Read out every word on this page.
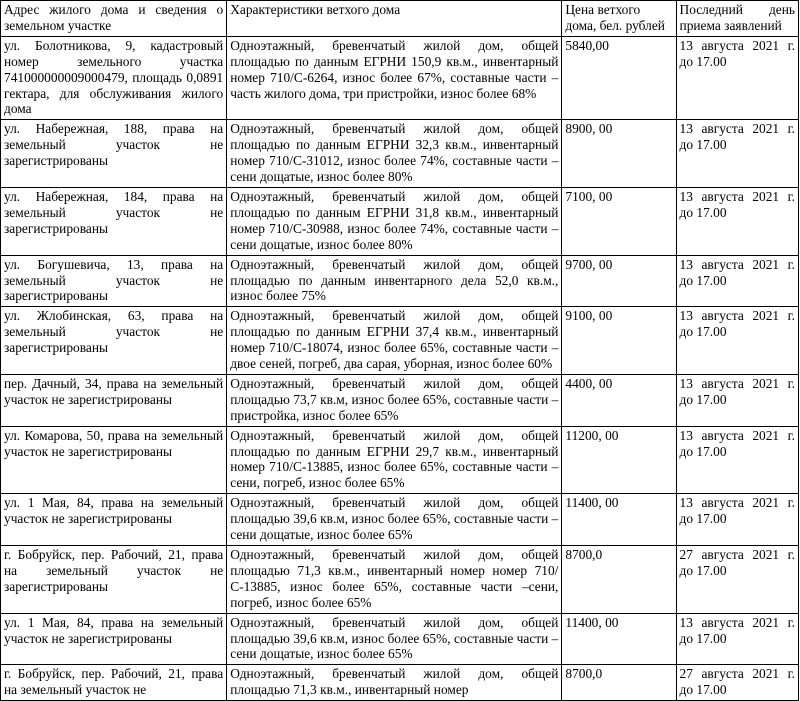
Адрес жилого дома и сведения о земельном участке	Характеристики ветхого дома	Цена ветхого дома, бел. рублей	Последний день приема заявлений
ул. Болотникова, 9, кадастровый номер земельного участка 741000000009000479, площадь 0,0891 гектара, для обслуживания жилого дома	Одноэтажный, бревенчатый жилой дом, общей площадью по данным ЕГРНИ 150,9 кв.м., инвентарный номер 710/С-6264, износ более 67%, составные части – часть жилого дома, три пристройки, износ более 68%	5840,00	13 августа 2021 г. до 17.00
ул. Набережная, 188, права на земельный участок не зарегистрированы	Одноэтажный, бревенчатый жилой дом, общей площадью по данным ЕГРНИ 32,3 кв.м., инвентарный номер 710/С-31012, износ более 74%, составные части – сени дощатые, износ более 80%	8900, 00	13 августа 2021 г. до 17.00
ул. Набережная, 184, права на земельный участок не зарегистрированы	Одноэтажный, бревенчатый жилой дом, общей площадью по данным ЕГРНИ 31,8 кв.м., инвентарный номер 710/С-30988, износ более 74%, составные части – сени дощатые, износ более 80%	7100, 00	13 августа 2021 г. до 17.00
ул. Богушевича, 13, права на земельный участок не зарегистрированы	Одноэтажный, бревенчатый жилой дом, общей площадью по данным инвентарного дела 52,0 кв.м., износ более 75%	9700, 00	13 августа 2021 г. до 17.00
ул. Жлобинская, 63, права на земельный участок не зарегистрированы	Одноэтажный, бревенчатый жилой дом, общей площадью по данным ЕГРНИ 37,4 кв.м., инвентарный номер 710/С-18074, износ более 65%, составные части – двое сеней, погреб, два сарая, уборная, износ более 60%	9100, 00	13 августа 2021 г. до 17.00
пер. Дачный, 34, права на земельный участок не зарегистрированы	Одноэтажный, бревенчатый жилой дом, общей площадью 73,7 кв.м, износ более 65%, составные части – пристройка, износ более 65%	4400, 00	13 августа 2021 г. до 17.00
ул. Комарова, 50, права на земельный участок не зарегистрированы	Одноэтажный, бревенчатый жилой дом, общей площадью по данным ЕГРНИ 29,7 кв.м., инвентарный номер 710/С-13885, износ более 65%, составные части –сени, погреб, износ более 65%	11200, 00	13 августа 2021 г. до 17.00
ул. 1 Мая, 84, права на земельный участок не зарегистрированы	Одноэтажный, бревенчатый жилой дом, общей площадью 39,6 кв.м, износ более 65%, составные части – сени дощатые, износ более 65%	11400, 00	13 августа 2021 г. до 17.00
г. Бобруйск, пер. Рабочий, 21, права на земельный участок не зарегистрированы	Одноэтажный, бревенчатый жилой дом, общей площадью 71,3 кв.м., инвентарный номер номер 710/С-13885, износ более 65%, составные части –сени, погреб, износ более 65%	8700,0	27 августа 2021 г. до 17.00
ул. 1 Мая, 84, права на земельный участок не зарегистрированы	Одноэтажный, бревенчатый жилой дом, общей площадью 39,6 кв.м, износ более 65%, составные части – сени дощатые, износ более 65%	11400, 00	13 августа 2021 г. до 17.00
г. Бобруйск, пер. Рабочий, 21, права на земельный участок не	Одноэтажный, бревенчатый жилой дом, общей площадью 71,3 кв.м., инвентарный номер	8700,0	27 августа 2021 г. до 17.00
